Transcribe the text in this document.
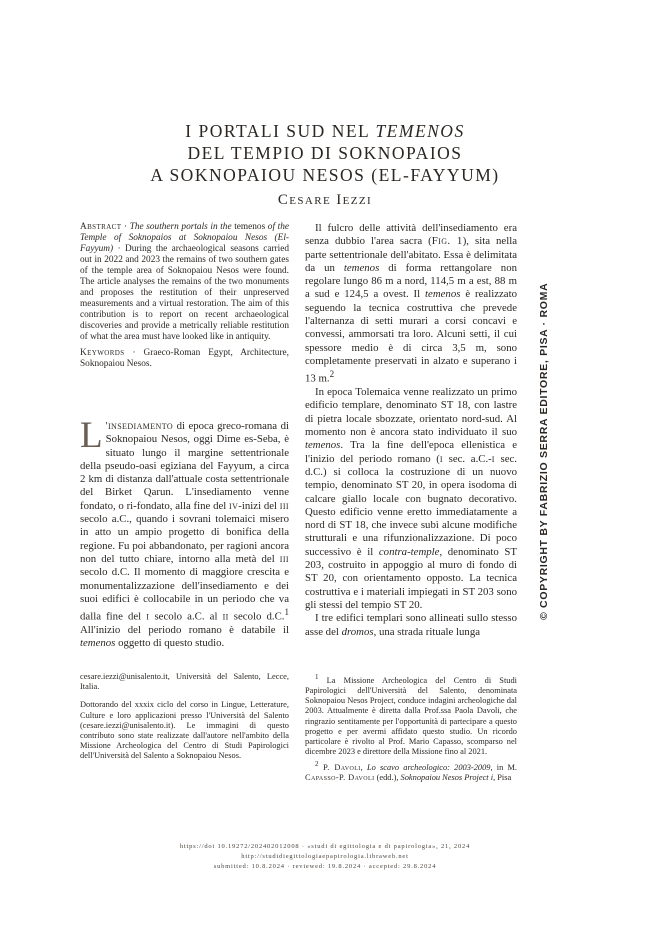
I PORTALI SUD NEL TEMENOS
DEL TEMPIO DI SOKNOPAIOS
A SOKNOPAIOU NESOS (EL-FAYYUM)
Cesare Iezzi

Abstract · The southern portals in the temenos of the Temple of Soknopaios at Soknopaiou Nesos (El-Fayyum) · During the archaeological seasons carried out in 2022 and 2023 the remains of two southern gates of the temple area of Soknopaiou Nesos were found. The article analyses the remains of the two monuments and proposes the restitution of their unpreserved measurements and a virtual restoration. The aim of this contribution is to report on recent archaeological discoveries and provide a metrically reliable restitution of what the area must have looked like in antiquity.

Keywords · Graeco-Roman Egypt, Architecture, Soknopaiou Nesos.

L 'insediamento di epoca greco-romana di Soknopaiou Nesos, oggi Dime es-Seba, è situato lungo il margine settentrionale della pseudo-oasi egiziana del Fayyum, a circa 2 km di distanza dall'attuale costa settentrionale del Birket Qarun. L'insediamento venne fondato, o ri-fondato, alla fine del iv-inizi del iii secolo a.C., quando i sovrani tolemaici misero in atto un ampio progetto di bonifica della regione. Fu poi abbandonato, per ragioni ancora non del tutto chiare, intorno alla metà del iii secolo d.C. Il momento di maggiore crescita e monumentalizzazione dell'insediamento e dei suoi edifici è collocabile in un periodo che va dalla fine del i secolo a.C. al ii secolo d.C.$^1$ All'inizio del periodo romano è databile il temenos oggetto di questo studio.

Il fulcro delle attività dell'insediamento era senza dubbio l'area sacra (Fig. 1), sita nella parte settentrionale dell'abitato. Essa è delimitata da un temenos di forma rettangolare non regolare lungo 86 m a nord, 114,5 m a est, 88 m a sud e 124,5 a ovest. Il temenos è realizzato seguendo la tecnica costruttiva che prevede l'alternanza di setti murari a corsi concavi e convessi, ammorsati tra loro. Alcuni setti, il cui spessore medio è di circa 3,5 m, sono completamente preservati in alzato e superano i 13 m.$^2$

In epoca Tolemaica venne realizzato un primo edificio templare, denominato ST 18, con lastre di pietra locale sbozzate, orientato nord-sud. Al momento non è ancora stato individuato il suo temenos. Tra la fine dell'epoca ellenistica e l'inizio del periodo romano (i sec. a.C.-i sec. d.C.) si colloca la costruzione di un nuovo tempio, denominato ST 20, in opera isodoma di calcare giallo locale con bugnato decorativo. Questo edificio venne eretto immediatamente a nord di ST 18, che invece subì alcune modifiche strutturali e una rifunzionalizzazione. Di poco successivo è il contra-temple, denominato ST 203, costruito in appoggio al muro di fondo di ST 20, con orientamento opposto. La tecnica costruttiva e i materiali impiegati in ST 203 sono gli stessi del tempio ST 20.

I tre edifici templari sono allineati sullo stesso asse del dromos, una strada rituale lunga

cesare.iezzi@unisalento.it, Università del Salento, Lecce, Italia.

Dottorando del xxxix ciclo del corso in Lingue, Letterature, Culture e loro applicazioni presso l'Università del Salento (cesare.iezzi@unisalento.it). Le immagini di questo contributo sono state realizzate dall'autore nell'ambito della Missione Archeologica del Centro di Studi Papirologici dell'Università del Salento a Soknopaiou Nesos.

$^1$ La Missione Archeologica del Centro di Studi Papirologici dell'Università del Salento, denominata Soknopaiou Nesos Project, conduce indagini archeologiche dal 2003. Attualmente è diretta dalla Prof.ssa Paola Davoli, che ringrazio sentitamente per l'opportunità di partecipare a questo progetto e per avermi affidato questo studio. Un ricordo particolare è rivolto al Prof. Mario Capasso, scomparso nel dicembre 2023 e direttore della Missione fino al 2021.

$^2$ P. Davoli, Lo scavo archeologico: 2003-2009, in M. Capasso-P. Davoli (edd.), Soknopaiou Nesos Project i, Pisa

https://doi 10.19272/202402012008 · «studi di egittologia e di papirologia», 21, 2024
http://studidiegittologiaepapirologia.libraweb.net
submitted: 10.8.2024 · reviewed: 19.8.2024 · accepted: 29.8.2024
© COPYRIGHT BY FABRIZIO SERRA EDITORE, PISA · ROMA
